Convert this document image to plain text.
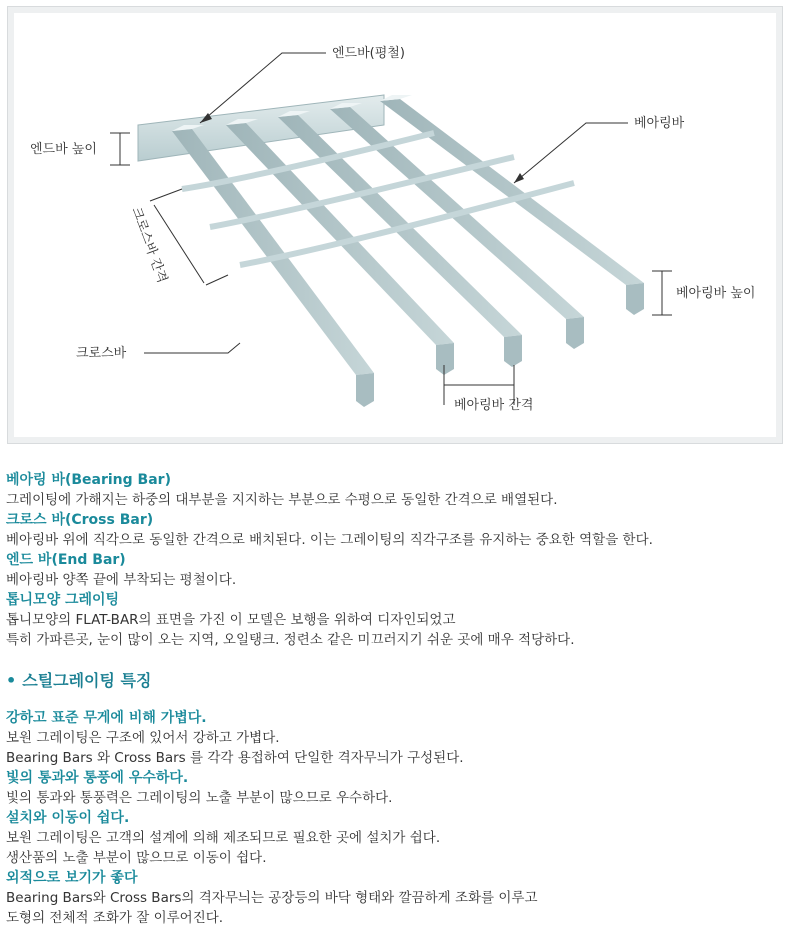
엔드바(평철)
엔드바 높이
베아링바
크로스바 간격
베아링바 높이
크로스바
베아링바 간격
베아링 바(Bearing Bar)
그레이팅에 가해지는 하중의 대부분을 지지하는 부분으로 수평으로 동일한 간격으로 배열된다.
크로스 바(Cross Bar)
베아링바 위에 직각으로 동일한 간격으로 배치된다. 이는 그레이팅의 직각구조를 유지하는 중요한 역할을 한다.
엔드 바(End Bar)
베아링바 양쪽 끝에 부착되는 평철이다.
톱니모양 그레이팅
톱니모양의 FLAT-BAR의 표면을 가진 이 모델은 보행을 위하여 디자인되었고
특히 가파른곳, 눈이 많이 오는 지역, 오일탱크. 정련소 같은 미끄러지기 쉬운 곳에 매우 적당하다.
• 스틸그레이팅 특징
강하고 표준 무게에 비해 가볍다.
보원 그레이팅은 구조에 있어서 강하고 가볍다.
Bearing Bars 와 Cross Bars 를 각각 용접하여 단일한 격자무늬가 구성된다.
빛의 통과와 통풍에 우수하다.
빛의 통과와 통풍력은 그레이팅의 노출 부분이 많으므로 우수하다.
설치와 이동이 쉽다.
보원 그레이팅은 고객의 설계에 의해 제조되므로 필요한 곳에 설치가 쉽다.
생산품의 노출 부분이 많으므로 이동이 쉽다.
외적으로 보기가 좋다
Bearing Bars와 Cross Bars의 격자무늬는 공장등의 바닥 형태와 깔끔하게 조화를 이루고
도형의 전체적 조화가 잘 이루어진다.
